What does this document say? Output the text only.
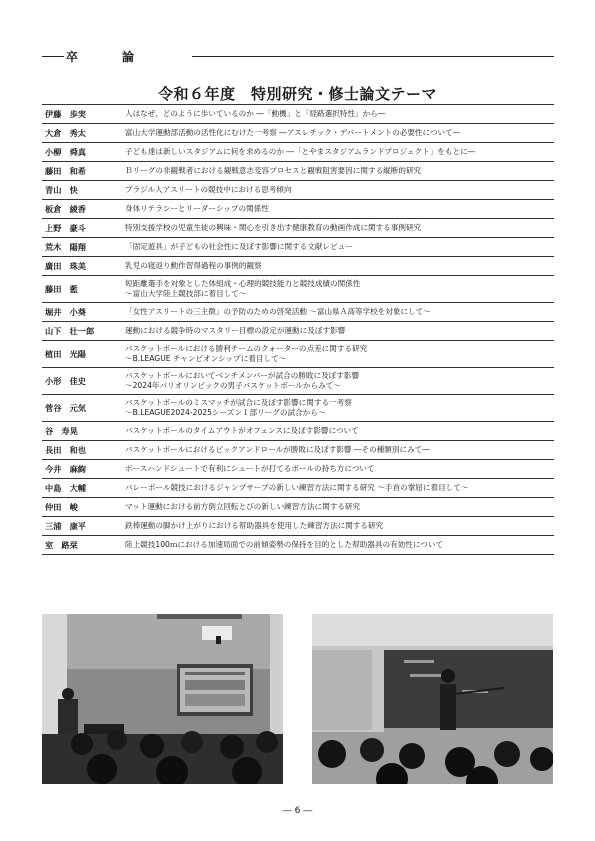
卒	論
令和６年度　特別研究・修士論文テーマ
伊藤　歩実	人はなぜ、どのように歩いているのか ―「動機」と「経路選択特性」から―

大倉　秀太	富山大学運動部活動の活性化にむけた一考察 ―アスレチック・デパートメントの必要性について―

小柳　舜真	子ども達は新しいスタジアムに何を求めるのか ―「とやまスタジアムランドプロジェクト」をもとに―

藤田　和希	Ｂリーグの非観戦者における観戦意志変容プロセスと観戦阻害要因に関する縦断的研究

青山　快	ブラジル人アスリートの競技中における思考傾向

板倉　綾香	身体リテラシーとリーダーシップの関係性

上野　豪斗	特別支援学校の児童生徒の興味・関心を引き出す健康教育の動画作成に関する事例研究

荒木　陽翔	「固定遊具」が子どもの社会性に及ぼす影響に関する文献レビュー

廣田　珠美	乳児の寝返り動作習得過程の事例的観察

藤田　藍	短距離選手を対象とした体組成・心理的競技能力と競技成績の関係性
～富山大学陸上競技部に着目して～

堀井　小葵	「女性アスリートの三主徴」の予防のための啓発活動 ～富山県Ａ高等学校を対象にして～

山下　壮一郎	運動における競争時のマスタリー目標の設定が運動に及ぼす影響

植田　光陽	バスケットボールにおける勝利チームのクォーターの点差に関する研究
～B.LEAGUE チャンピオンシップに着目して～

小形　佳史	バスケットボールにおいてベンチメンバーが試合の勝敗に及ぼす影響
～2024年パリオリンピックの男子バスケットボールからみて～

菅谷　元気	バスケットボールのミスマッチが試合に及ぼす影響に関する一考察
～B.LEAGUE2024-2025シーズン１部リーグの試合から～

谷　寿晃	バスケットボールのタイムアウトがオフェンスに及ぼす影響について

長田　和也	バスケットボールにおけるピックアンドロールが勝敗に及ぼす影響 ―その種類別にみて―

今井　麻絢	ボースハンドシュートで有利にシュートが打てるボールの持ち方について

中島　大輔	バレーボール競技におけるジャンプサーブの新しい練習方法に関する研究 ～手首の掌屈に着目して～

仲田　峻	マット運動における前方倒立回転とびの新しい練習方法に関する研究

三浦　康平	鉄棒運動の脚かけ上がりにおける幇助器具を使用した練習方法に関する研究

室　路栞	陸上競技100ｍにおける加速局面での前傾姿勢の保持を目的とした幇助器具の有効性について
― 6 ―
